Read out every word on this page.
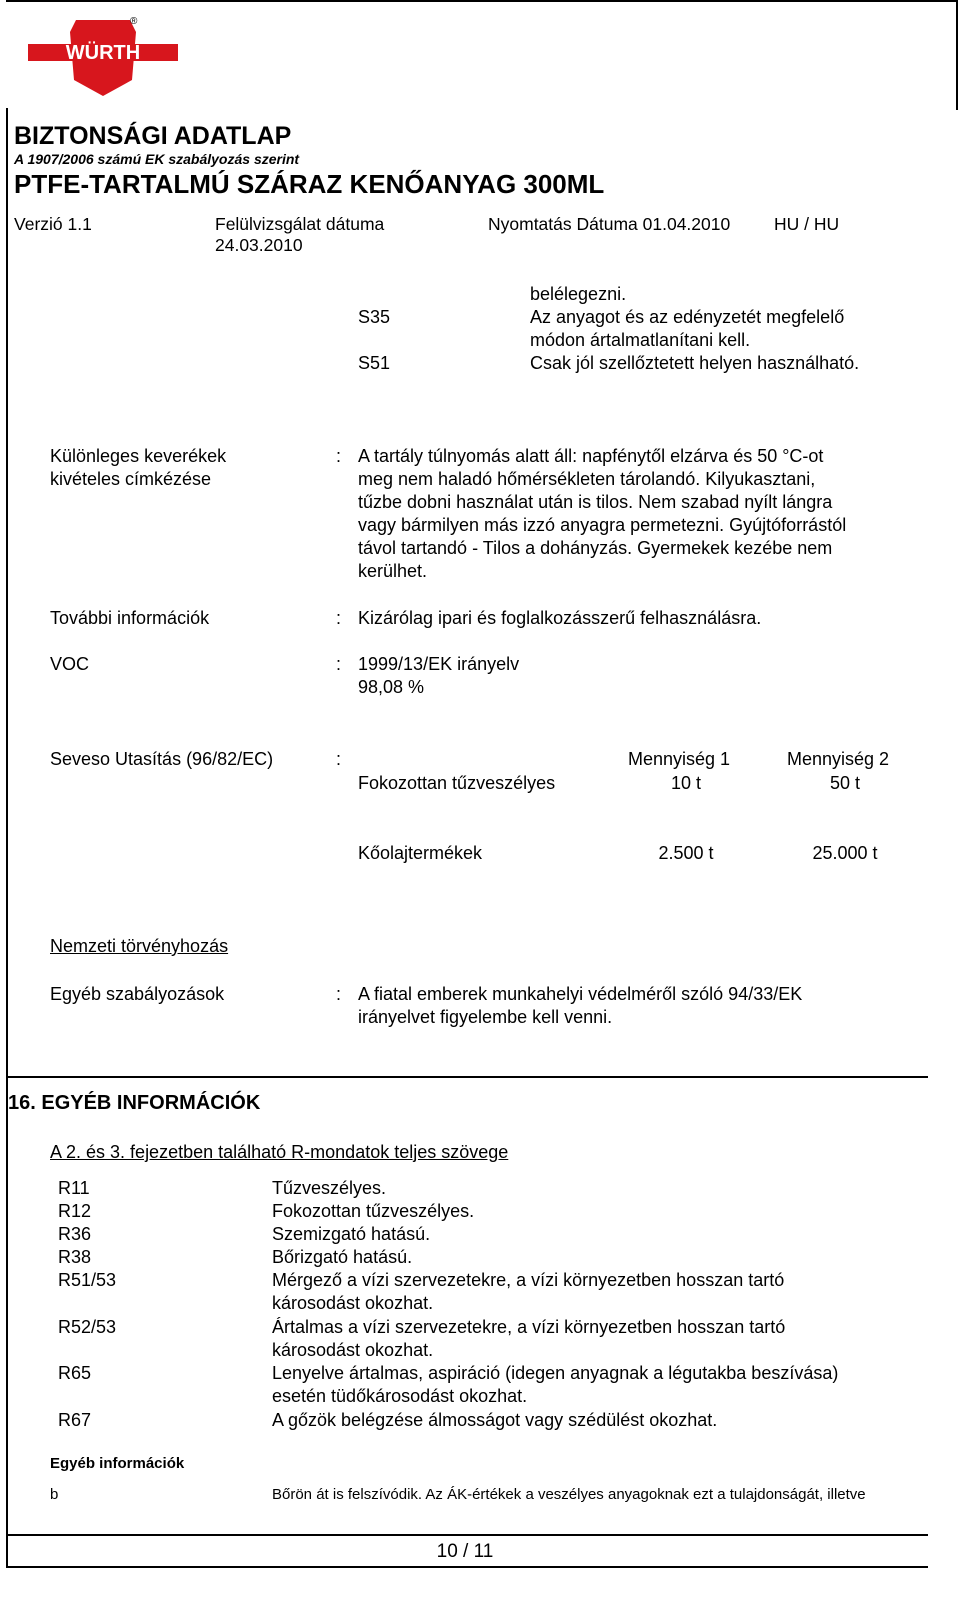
WÜRTH
®
BIZTONSÁGI ADATLAP
A 1907/2006 számú EK szabályozás szerint
PTFE-TARTALMÚ SZÁRAZ KENŐANYAG 300ML
Verzió 1.1	Felülvizsgálat dátuma
24.03.2010
Nyomtatás Dátuma 01.04.2010	HU / HU
belélegezni.
S35	Az anyagot és az edényzetét megfelelő
módon ártalmatlanítani kell.
S51	Csak jól szellőztetett helyen használható.
Különleges keverékek
kivételes címkézése
: A tartály túlnyomás alatt áll: napfénytől elzárva és 50 °C-ot
meg nem haladó hőmérsékleten tárolandó. Kilyukasztani,
tűzbe dobni használat után is tilos. Nem szabad nyílt lángra
vagy bármilyen más izzó anyagra permetezni. Gyújtóforrástól
távol tartandó - Tilos a dohányzás. Gyermekek kezébe nem
kerülhet.
További információk	: Kizárólag ipari és foglalkozásszerű felhasználásra.
VOC	: 1999/13/EK irányelv
98,08 %
Seveso Utasítás (96/82/EC)	:	Mennyiség 1	Mennyiség 2
Fokozottan tűzveszélyes	10 t	50 t
Kőolajtermékek	2.500 t	25.000 t
Nemzeti törvényhozás
Egyéb szabályozások	: A fiatal emberek munkahelyi védelméről szóló 94/33/EK
irányelvet figyelembe kell venni.
16. EGYÉB INFORMÁCIÓK
A 2. és 3. fejezetben található R-mondatok teljes szövege
R11	Tűzveszélyes.
R12	Fokozottan tűzveszélyes.
R36	Szemizgató hatású.
R38	Bőrizgató hatású.
R51/53	Mérgező a vízi szervezetekre, a vízi környezetben hosszan tartó
károsodást okozhat.
R52/53	Ártalmas a vízi szervezetekre, a vízi környezetben hosszan tartó
károsodást okozhat.
R65	Lenyelve ártalmas, aspiráció (idegen anyagnak a légutakba beszívása)
esetén tüdőkárosodást okozhat.
R67	A gőzök belégzése álmosságot vagy szédülést okozhat.
Egyéb információk
b	Bőrön át is felszívódik. Az ÁK-értékek a veszélyes anyagoknak ezt a tulajdonságát, illetve
10 / 11
